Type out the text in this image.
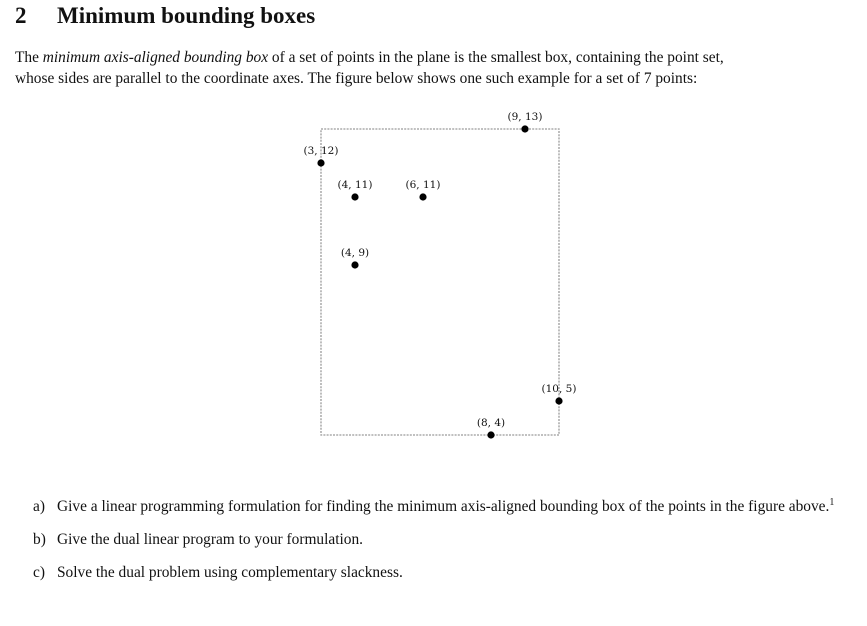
2 Minimum bounding boxes
The minimum axis-aligned bounding box of a set of points in the plane is the smallest box, containing the point set,
whose sides are parallel to the coordinate axes. The figure below shows one such example for a set of 7 points:
(3, 12)
(4, 11)	(6, 11)
(9, 13)
(4, 9)
(10, 5)
(8, 4)
a) Give a linear programming formulation for finding the minimum axis-aligned bounding box of the points in the figure above.$^1$
b) Give the dual linear program to your formulation.
c) Solve the dual problem using complementary slackness.
